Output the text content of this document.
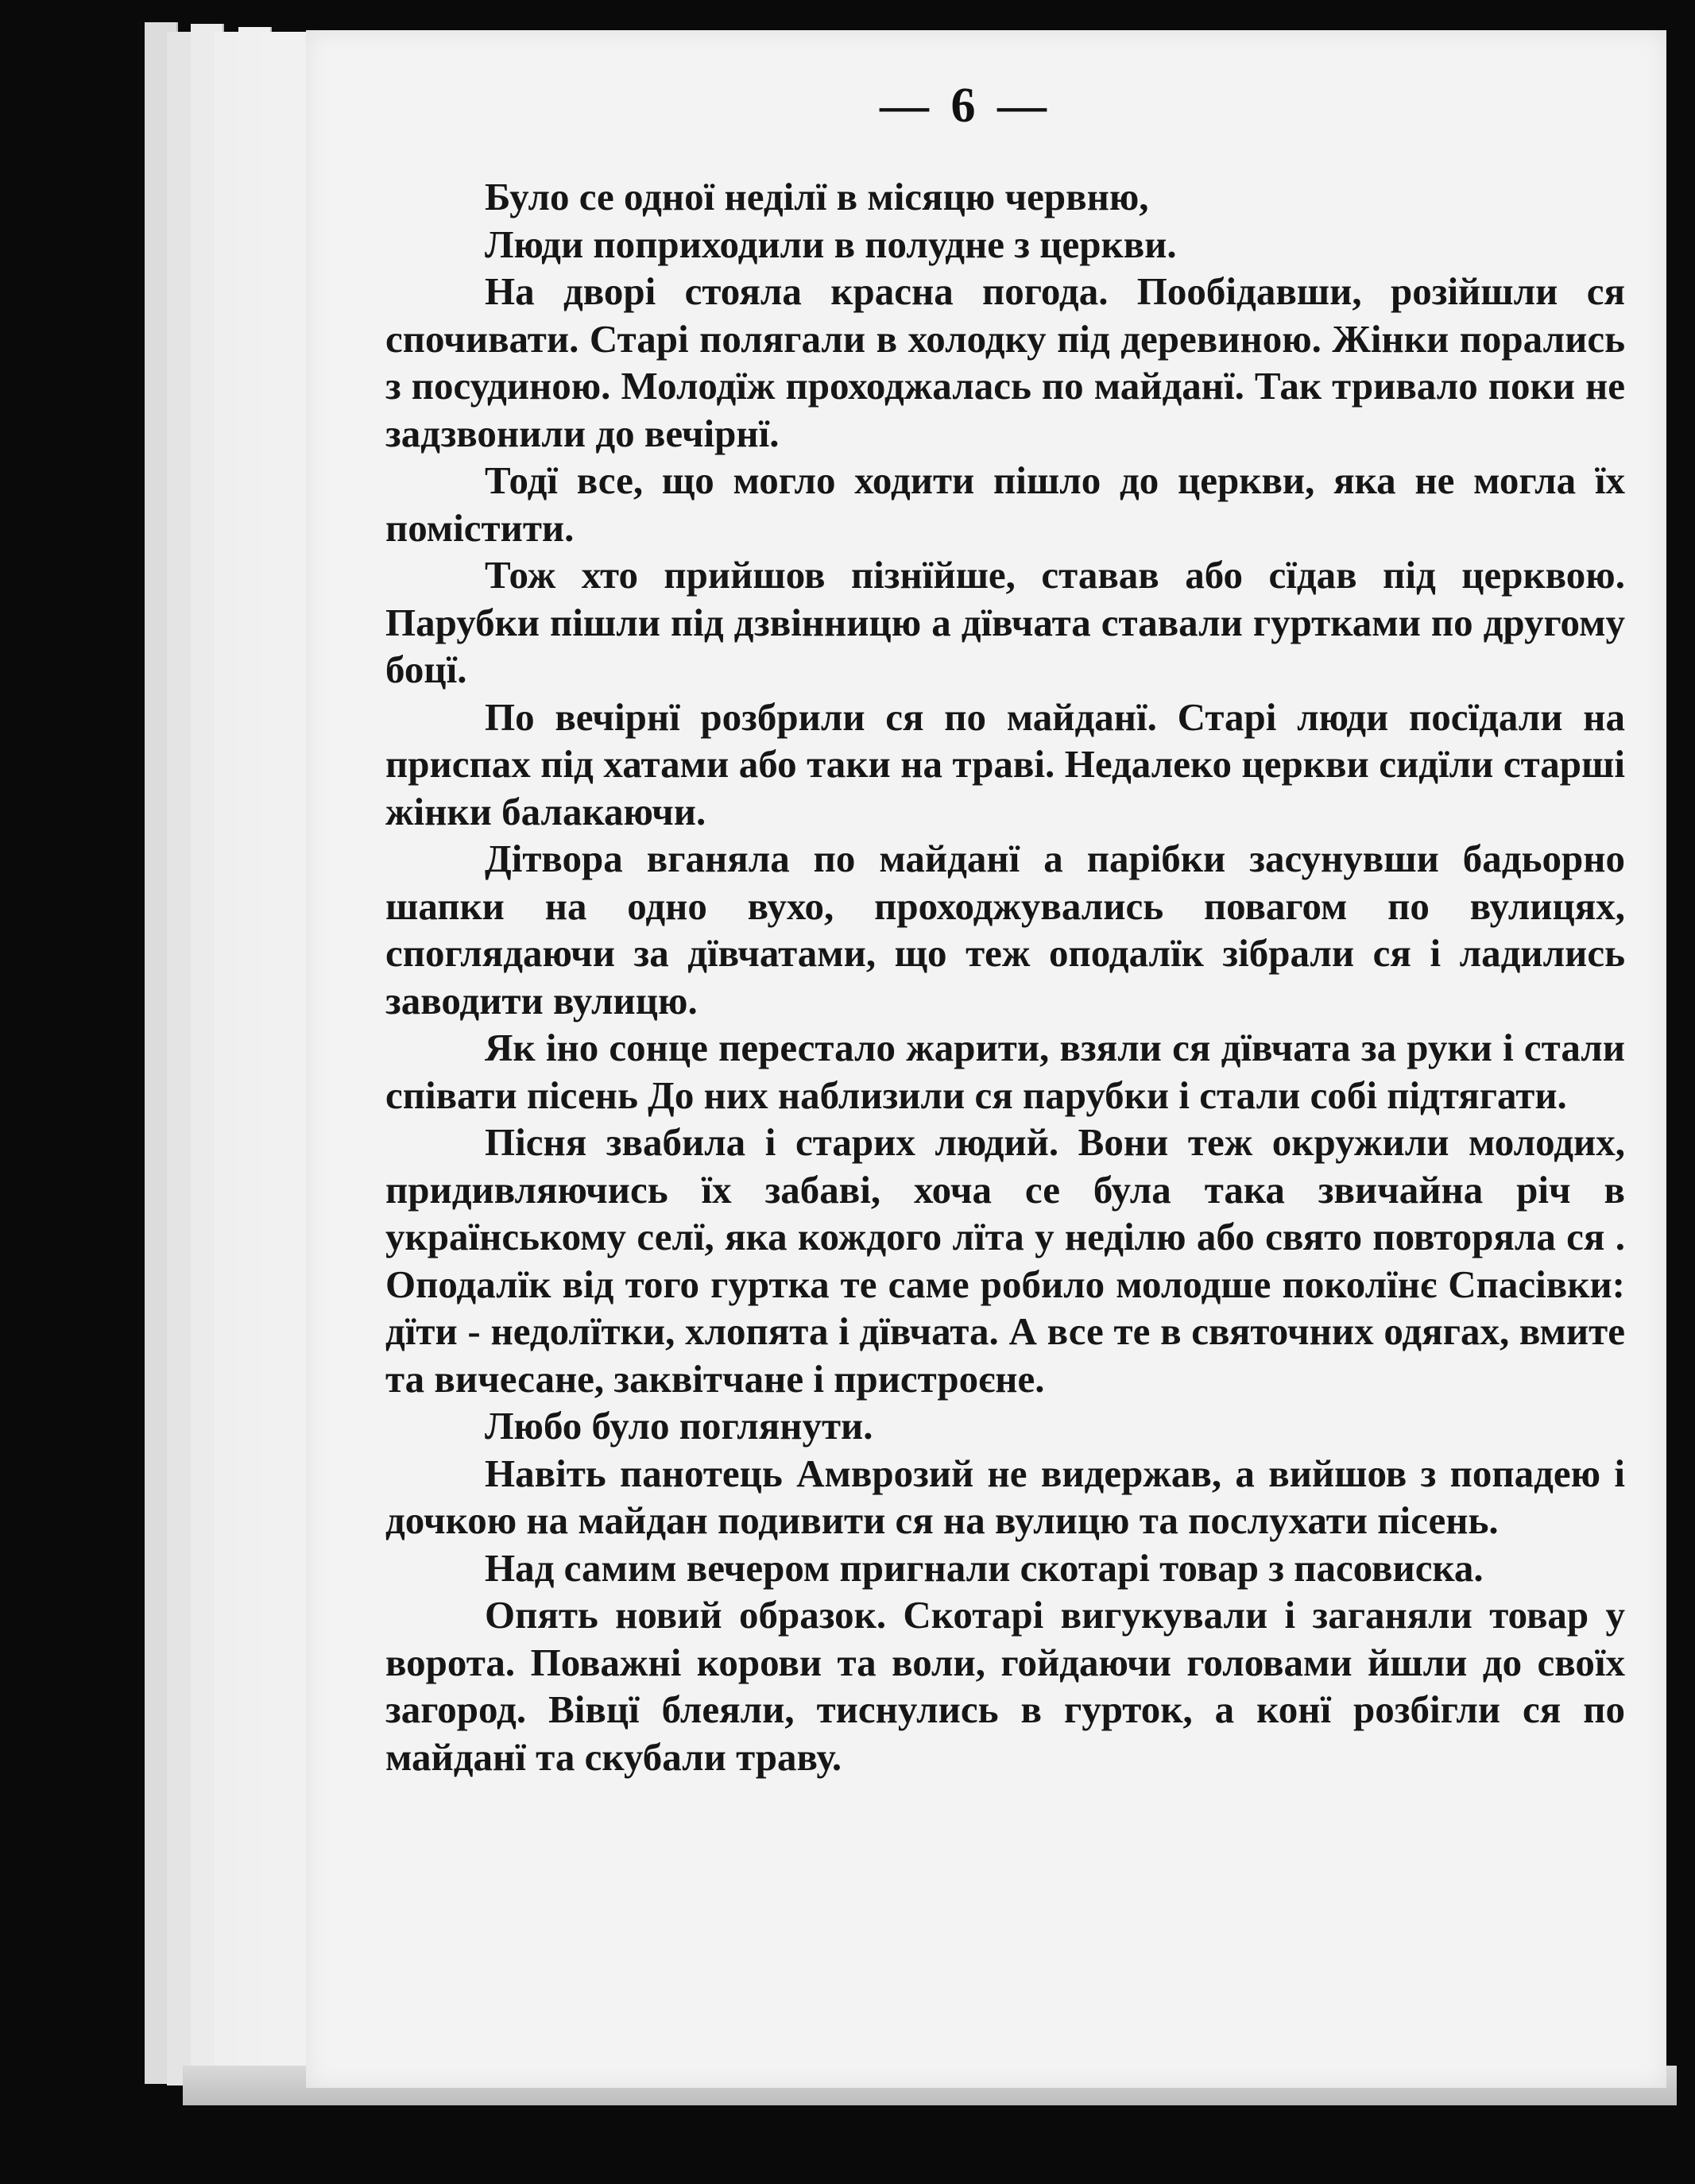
— 6 —

Було се одної неділї в місяцю червню,

Люди поприходили в полудне з церкви.

На дворі стояла красна погода. Пообідавши, розійшли ся спочивати. Старі полягали в холодку під деревиною. Жінки порались з посудиною. Молодїж проходжалась по майданї. Так тривало поки не задзвонили до вечірнї.

Тодї все, що могло ходити пішло до церкви, яка не могла їх помістити.

Тож хто прийшов пізнїйше, ставав або сїдав під церквою. Парубки пішли під дзвінницю а дївчата ставали гуртками по другому боцї.

По вечірнї розбрили ся по майданї. Старі люди посїдали на приспах під хатами або таки на траві. Недалеко церкви сидїли старші жінки балакаючи.

Дітвора вганяла по майданї а парібки засунувши бадьорно шапки на одно вухо, проходжувались повагом по вулицях, споглядаючи за дївчатами, що теж оподалїк зібрали ся і ладились заводити вулицю.

Як іно сонце перестало жарити, взяли ся дївчата за руки і стали співати пісень До них наблизили ся парубки і стали собі підтягати.

Пісня звабила і старих людий. Вони теж окружили молодих, придивляючись їх забаві, хоча се була така звичайна річ в українському селї, яка кождого лїта у неділю або свято повторяла ся . Оподалїк від того гуртка те саме робило молодше поколїнє Спасівки: дїти - недолїтки, хлопята і дївчата. А все те в святочних одягах, вмите та вичесане, заквітчане і пристроєне.

Любо було поглянути.

Навіть панотець Амврозий не видержав, а вийшов з попадею і дочкою на майдан подивити ся на вулицю та послухати пісень.

Над самим вечером пригнали скотарі товар з пасовиска.

Опять новий образок. Скотарі вигукували і заганяли товар у ворота. Поважні корови та воли, гойдаючи головами йшли до своїх загород. Вівцї блеяли, тиснулись в гурток, а конї розбігли ся по майданї та скубали траву.
